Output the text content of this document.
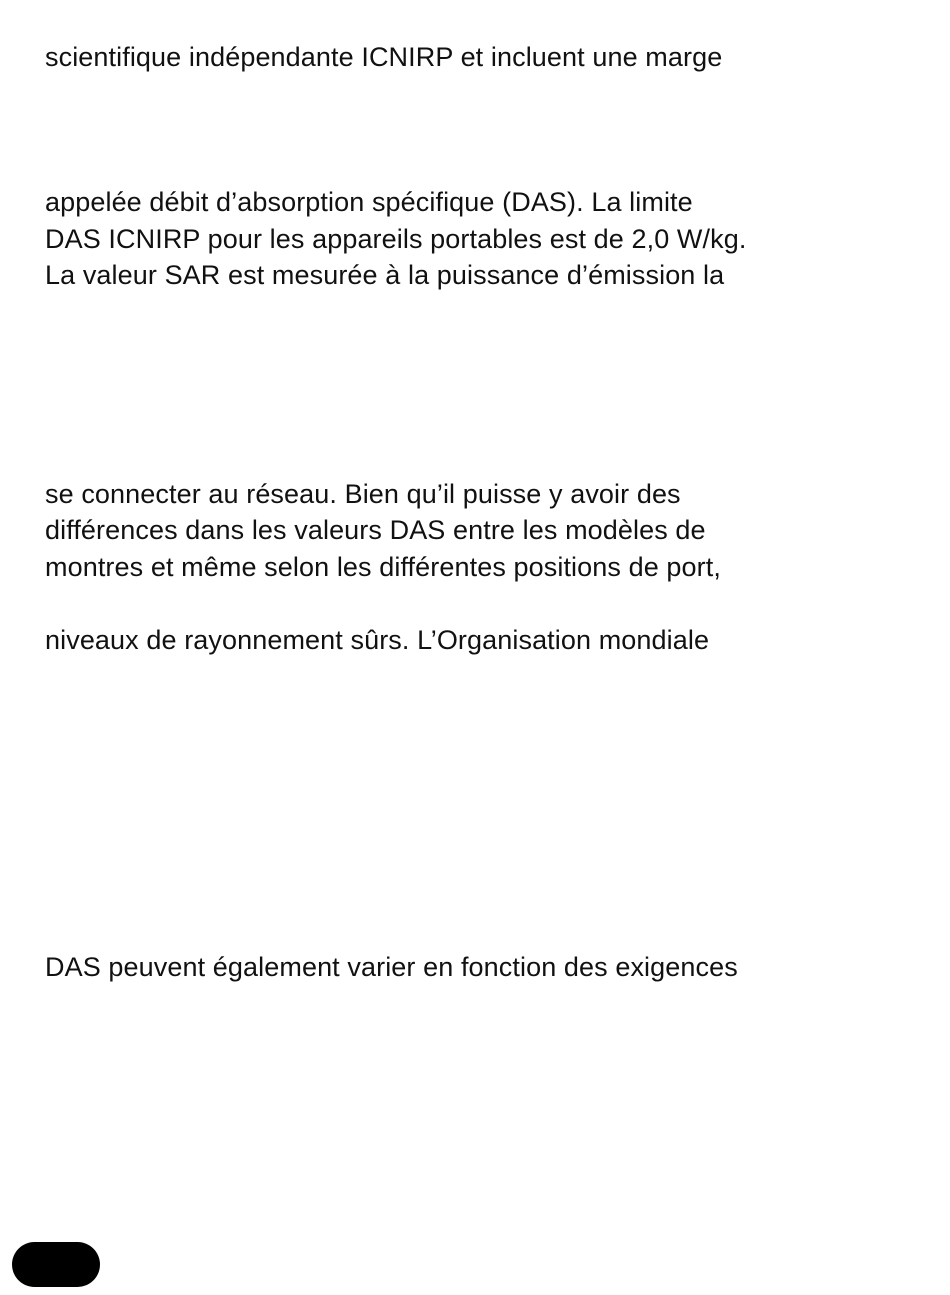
scientifique indépendante ICNIRP et incluent une marge
appelée débit d’absorption spécifique (DAS). La limite
DAS ICNIRP pour les appareils portables est de 2,0 W/kg.
La valeur SAR est mesurée à la puissance d’émission la
se connecter au réseau. Bien qu’il puisse y avoir des
différences dans les valeurs DAS entre les modèles de
montres et même selon les différentes positions de port,
niveaux de rayonnement sûrs. L’Organisation mondiale
DAS peuvent également varier en fonction des exigences
